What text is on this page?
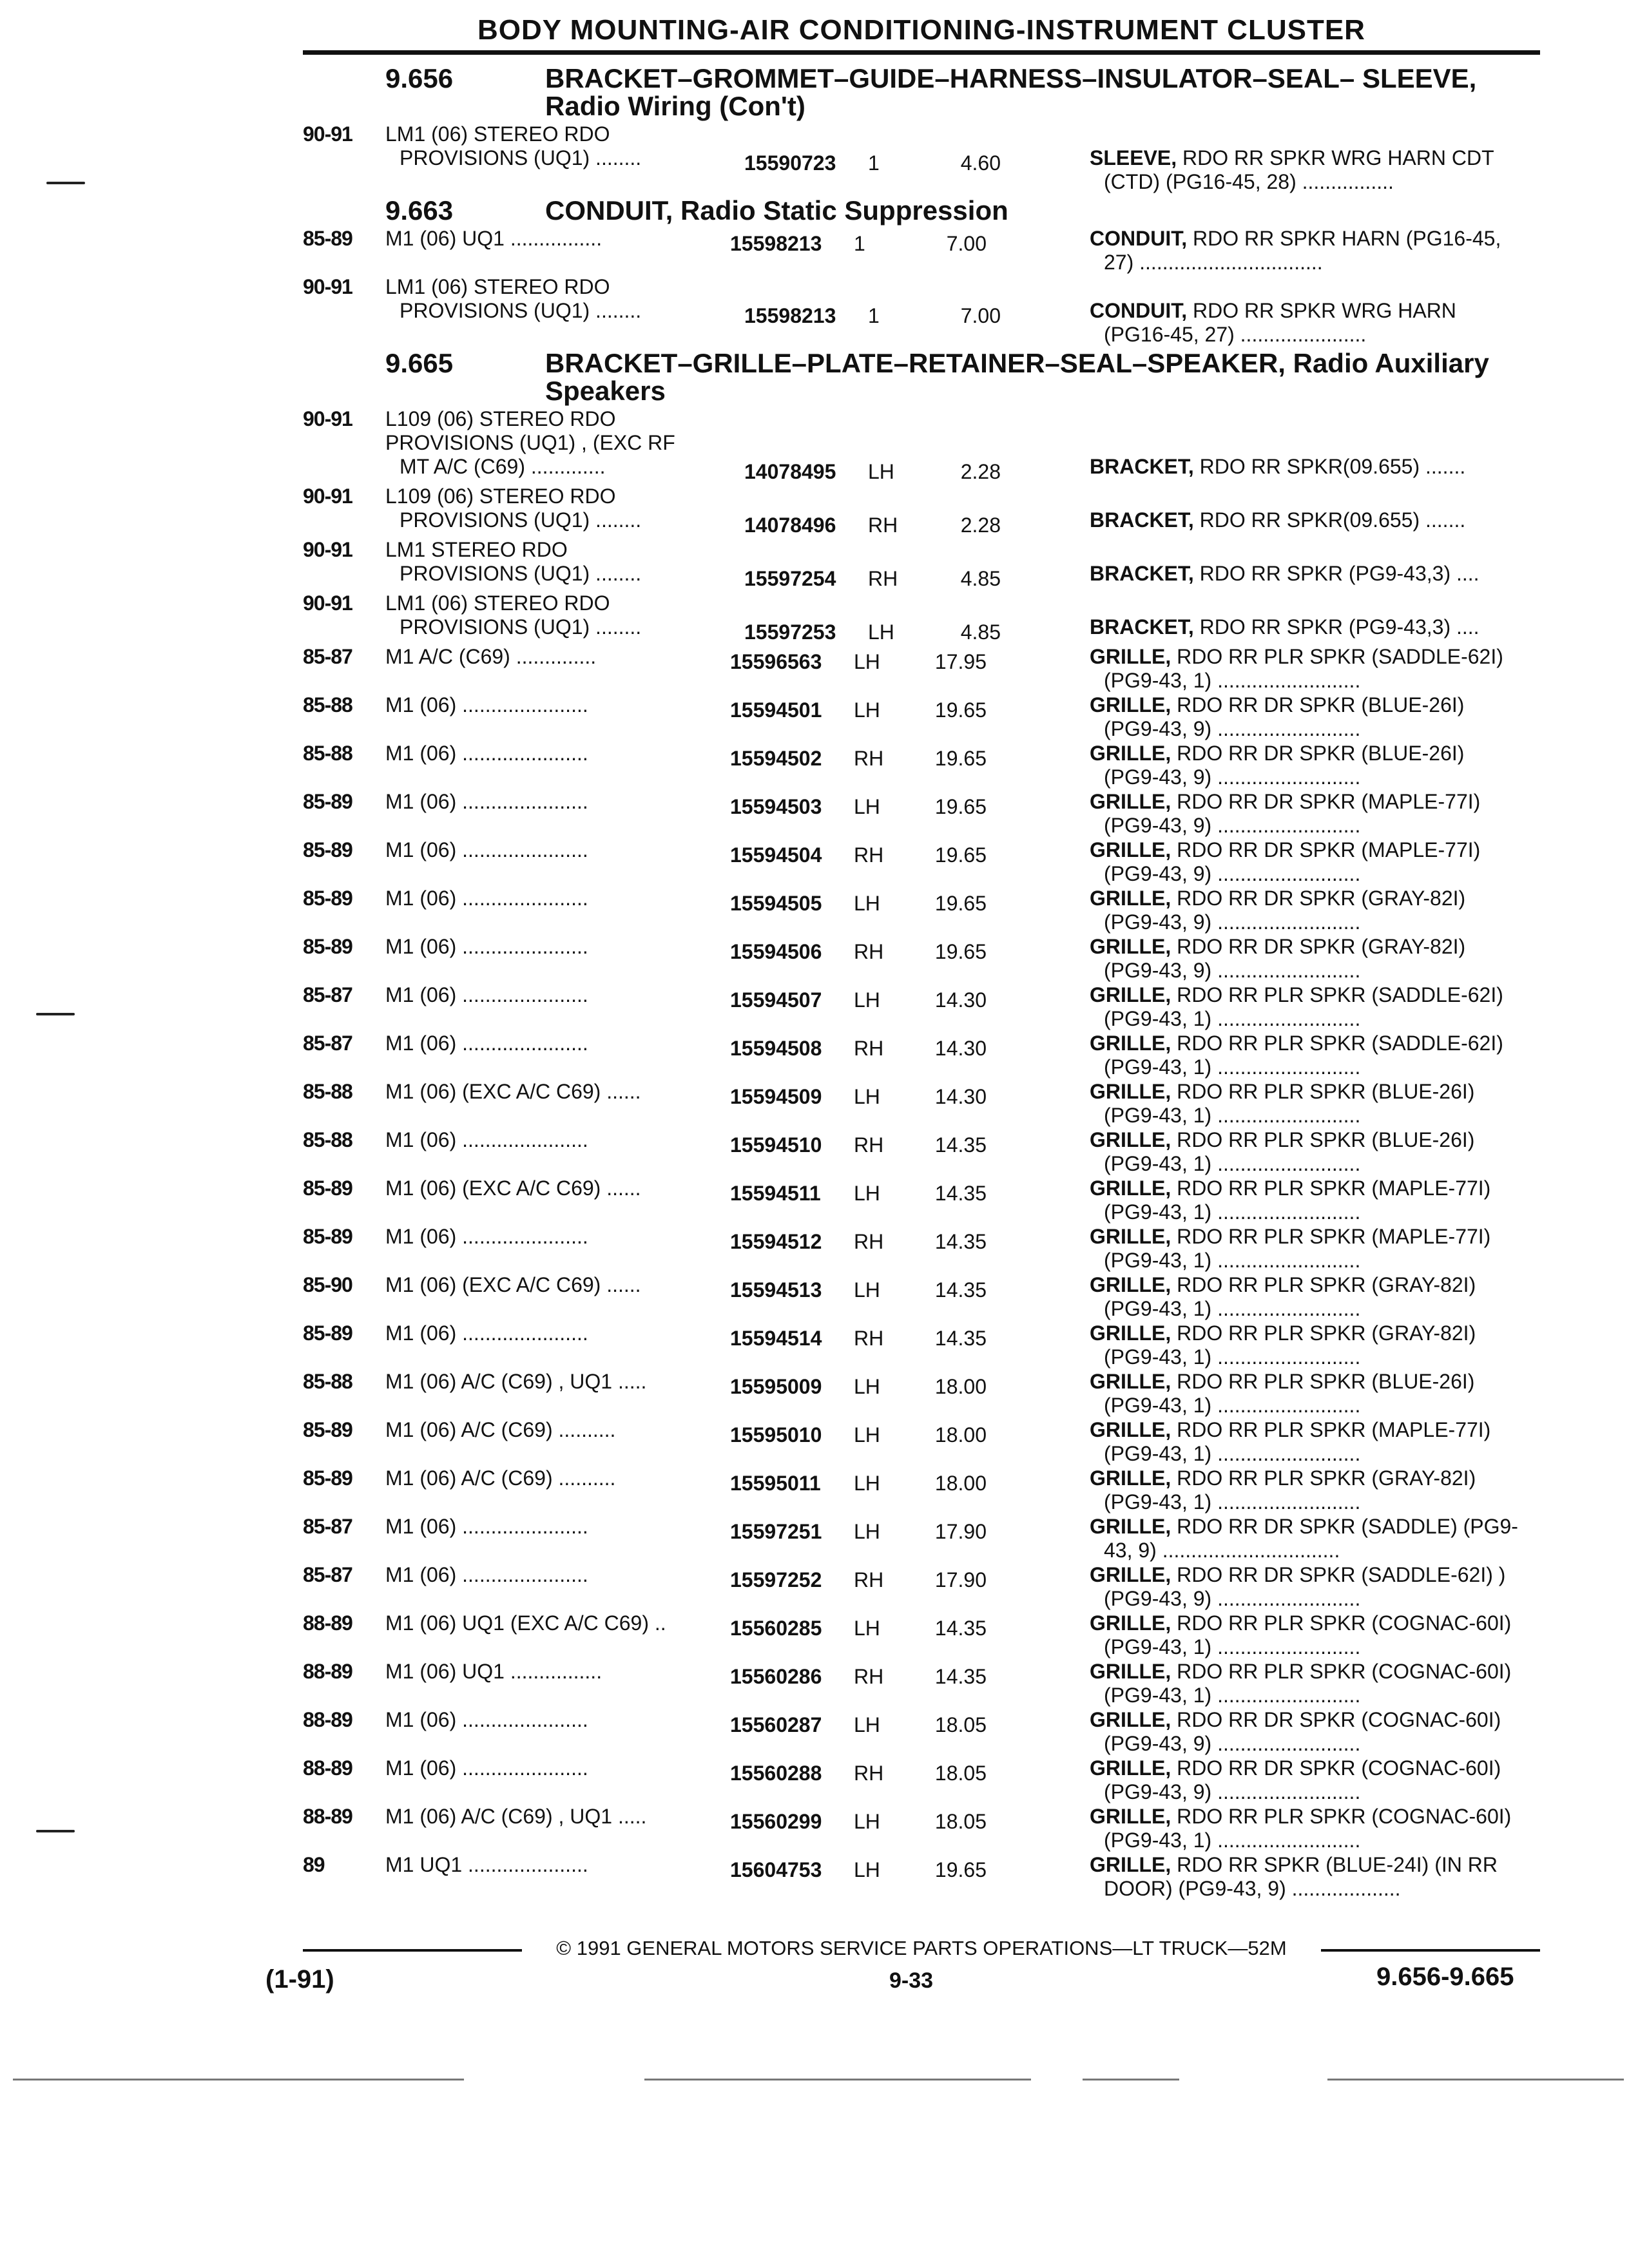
BODY MOUNTING-AIR CONDITIONING-INSTRUMENT CLUSTER
9.656	BRACKET–GROMMET–GUIDE–HARNESS–INSULATOR–SEAL– SLEEVE, Radio Wiring (Con't)
90-91	LM1 (06) STEREO RDO
PROVISIONS (UQ1) ........	15590723 1	4.60
	SLEEVE, RDO RR SPKR WRG HARN CDT
(CTD) (PG16-45, 28) ................
9.663	CONDUIT, Radio Static Suppression
85-89	M1 (06) UQ1 ................	15598213 1	7.00	CONDUIT, RDO RR SPKR HARN (PG16-45,
27) ................................
90-91	LM1 (06) STEREO RDO
PROVISIONS (UQ1) ........	15598213 1	7.00
	CONDUIT, RDO RR SPKR WRG HARN
(PG16-45, 27) ......................
9.665	BRACKET–GRILLE–PLATE–RETAINER–SEAL–SPEAKER, Radio Auxiliary Speakers
90-91	L109 (06) STEREO RDO
PROVISIONS (UQ1) , (EXC RF
MT A/C (C69) .............	14078495 LH	2.28

	BRACKET, RDO RR SPKR(09.655) .......
90-91	L109 (06) STEREO RDO
PROVISIONS (UQ1) ........	14078496 RH	2.28
	BRACKET, RDO RR SPKR(09.655) .......
90-91	LM1 STEREO RDO
PROVISIONS (UQ1) ........	15597254 RH	4.85
	BRACKET, RDO RR SPKR (PG9-43,3) ....
90-91	LM1 (06) STEREO RDO
PROVISIONS (UQ1) ........	15597253 LH	4.85
	BRACKET, RDO RR SPKR (PG9-43,3) ....
85-87	M1 A/C (C69) ..............	15596563 LH	17.95	GRILLE, RDO RR PLR SPKR (SADDLE-62I)
(PG9-43, 1) .........................
85-88	M1 (06) ......................	15594501 LH	19.65	GRILLE, RDO RR DR SPKR (BLUE-26I)
(PG9-43, 9) .........................
85-88	M1 (06) ......................	15594502 RH 19.65	GRILLE, RDO RR DR SPKR (BLUE-26I)
(PG9-43, 9) .........................
85-89	M1 (06) ......................	15594503 LH	19.65	GRILLE, RDO RR DR SPKR (MAPLE-77I)
(PG9-43, 9) .........................
85-89	M1 (06) ......................	15594504 RH 19.65	GRILLE, RDO RR DR SPKR (MAPLE-77I)
(PG9-43, 9) .........................
85-89	M1 (06) ......................	15594505 LH	19.65	GRILLE, RDO RR DR SPKR (GRAY-82I)
(PG9-43, 9) .........................
85-89	M1 (06) ......................	15594506 RH 19.65	GRILLE, RDO RR DR SPKR (GRAY-82I)
(PG9-43, 9) .........................
85-87	M1 (06) ......................	15594507 LH	14.30	GRILLE, RDO RR PLR SPKR (SADDLE-62I)
(PG9-43, 1) .........................
85-87	M1 (06) ......................	15594508 RH 14.30	GRILLE, RDO RR PLR SPKR (SADDLE-62I)
(PG9-43, 1) .........................
85-88	M1 (06) (EXC A/C C69) ......	15594509 LH	14.30	GRILLE, RDO RR PLR SPKR (BLUE-26I)
(PG9-43, 1) .........................
85-88	M1 (06) ......................	15594510 RH 14.35	GRILLE, RDO RR PLR SPKR (BLUE-26I)
(PG9-43, 1) .........................
85-89	M1 (06) (EXC A/C C69) ......	15594511 LH	14.35	GRILLE, RDO RR PLR SPKR (MAPLE-77I)
(PG9-43, 1) .........................
85-89	M1 (06) ......................	15594512 RH 14.35	GRILLE, RDO RR PLR SPKR (MAPLE-77I)
(PG9-43, 1) .........................
85-90	M1 (06) (EXC A/C C69) ......	15594513 LH	14.35	GRILLE, RDO RR PLR SPKR (GRAY-82I)
(PG9-43, 1) .........................
85-89	M1 (06) ......................	15594514 RH 14.35	GRILLE, RDO RR PLR SPKR (GRAY-82I)
(PG9-43, 1) .........................
85-88	M1 (06) A/C (C69) , UQ1 .....	15595009 LH	18.00	GRILLE, RDO RR PLR SPKR (BLUE-26I)
(PG9-43, 1) .........................
85-89	M1 (06) A/C (C69) ..........	15595010 LH	18.00	GRILLE, RDO RR PLR SPKR (MAPLE-77I)
(PG9-43, 1) .........................
85-89	M1 (06) A/C (C69) ..........	15595011 LH	18.00	GRILLE, RDO RR PLR SPKR (GRAY-82I)
(PG9-43, 1) .........................
85-87	M1 (06) ......................	15597251 LH	17.90	GRILLE, RDO RR DR SPKR (SADDLE) (PG9-
43, 9) ...............................
85-87	M1 (06) ......................	15597252 RH 17.90	GRILLE, RDO RR DR SPKR (SADDLE-62I) )
(PG9-43, 9) .........................
88-89	M1 (06) UQ1 (EXC A/C C69) ..	15560285 LH	14.35	GRILLE, RDO RR PLR SPKR (COGNAC-60I)
(PG9-43, 1) .........................
88-89	M1 (06) UQ1 ................	15560286 RH 14.35	GRILLE, RDO RR PLR SPKR (COGNAC-60I)
(PG9-43, 1) .........................
88-89	M1 (06) ......................	15560287 LH	18.05	GRILLE, RDO RR DR SPKR (COGNAC-60I)
(PG9-43, 9) .........................
88-89	M1 (06) ......................	15560288 RH 18.05	GRILLE, RDO RR DR SPKR (COGNAC-60I)
(PG9-43, 9) .........................
88-89	M1 (06) A/C (C69) , UQ1 .....	15560299 LH	18.05	GRILLE, RDO RR PLR SPKR (COGNAC-60I)
(PG9-43, 1) .........................
89	M1 UQ1 .....................	15604753 LH	19.65	GRILLE, RDO RR SPKR (BLUE-24I) (IN RR
DOOR) (PG9-43, 9) ...................
© 1991 GENERAL MOTORS SERVICE PARTS OPERATIONS—LT TRUCK—52M
(1-91)	9-33	9.656-9.665
